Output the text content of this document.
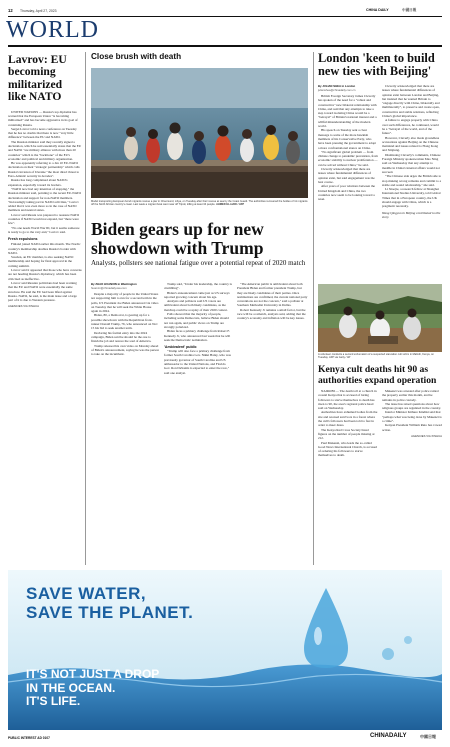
12 Thursday, April 27, 2023	CHINA DAILY	中國日報
WORLD
Lavrov: EU becoming militarized like NATO

UNITED NATIONS — Russia's top diplomat has warned that the European Union "is becoming militarized" and has become aggressive in its goal of containing Russia.

Sergei Lavrov told a news conference on Tuesday that he has no doubts that there is now "very little difference" between the EU and NATO.

The Russian minister said they recently signed a declaration, which he said essentially states that the EU and NATO "are military alliance with more than 20 countries" which is the "backbone" of the EU's economic and political and military organization.

He was apparently referring to a Jan 10 EU-NATO declaration on their "strategic partnership" which calls Russia's invasion of Ukraine "the most direct threat to Euro-Atlantic security in decades".

Russia has long complained about NATO's expansion, especially toward its borders.

"NATO now had any intention of stopping," the Russian minister said, pointing to the recent EU-NATO declaration and support for non-NATO members. "Increasingly taking part in NATO activities," Lavrov added that it was even more so in the case of NATO members and neutral states.

Lavrov said Russia was prepared to reassure NATO countries if NATO would not expand, but "there were few".

"No one needs World War III, but it seems someone is ready to go to the very end," Lavrov said.

Fresh expulsions

Finland joined NATO earlier this month. The Nordic country's membership doubles Russia's border with NATO.

Sweden, an EU member, is also seeking NATO membership and hoping for final approval in the coming summit.

Lavrov said it appeared that those who have concerns are not heeding Russia's diplomacy, which has been criticized as ineffective.

Lavrov said Russian politicians had been warning that the EU and NATO were essentially the same structure. He said the EU had been lifted against Russia. NATO, he said, is the main issue and a large part of it is due to Western pressure.

AGENCIES VIA XINHUA
Close brush with death
Model transporting European bond migrants rescue a pier in Cheorsund, Libya, on Tuesday after their rescue at sea by the Coast Guard. The authorities recovered the bodies of 11 migrants off the North African country's coast. Last week a migrant boat went near off Tripoli, killing at least 34 people. AHMED EL-HADI / AFP
Biden gears up for new showdown with Trump
Analysts, pollsters see national fatigue over a potential repeat of 2020 match
By ZHAO HUANXIN in Washington
huanxin@chinadailyusa.com

Despite a majority of people in the United States not supporting him to run for a second term in the polls, US President Joe Biden announced via video on Tuesday that he will seek the White House again in 2024.

Biden, 80, a Democrat, is gearing up for a possible showdown with the Republican front-runner Donald Trump, 76, who announced on Nov 15 his bid to seek another term.

Declaring his formal entry into the 2024 campaign, Biden said he should be the one to finish the job and restore the soul of America.

Trump released his own video on Monday ahead of Biden's announcement, saying he was the person to take on the incumbent.

Trump said, "Under his leadership, the country is crumbling".

Biden's announcement came just as US surveys reported growing concern about his age.

Analysts and pollsters said US voters are ambivalent about both likely candidates, as the matchup could be a replay of their 2020 contest.

Polls showed that the majority of people, including some Democrats, believe Biden should not run again, and public views on Trump are strongly polarized.

Biden faces a primary challenge from Robert F. Kennedy Jr, who announced last week that he will seek the Democratic nomination.

'Ambivalent' public

"Trump will also face a primary challenge from former South Carolina Gov. Nikki Haley, who was previously governor of South Carolina and US ambassador to the United Nations, and Florida Gov. Ron DeSantis is expected to enter the race," said one analyst.

"The American public is ambivalent about both President Biden and former president Trump, but they are likely candidates of their parties. Once nominations are confirmed, the current national party conventions are not the concern," said a pollster at Southern Methodist University in Dallas.

Robert Kennedy Jr remains a small factor, but the race will be a rematch, analysts said, adding that the country's economy and inflation will be key issues.

London 'keen to build new ties with Beijing'
By JULIAN SHEA in London
julianshea@chinadaily.com.cn

British Foreign Secretary James Cleverly has spoken of the need for a "robust and constructive" new bilateral relationship with China, and said that any attempts to take a step toward isolating China would be a "betrayal" of Britain's national interest and a willful misunderstanding of the modern world.

His speech on Tuesday sent a clear message to some of the more hawkish members of his Conservative Party, who have been pressing the government to adopt a more confrontational stance on China.

"No significant global problem — from climate change to pandemic prevention, from economic stability to nuclear proliferation — can be solved without China," he said.

Cleverly acknowledged that there are issues where fundamental differences of opinion exist, but said engagement was the best course.

After years of poor relations between the United Kingdom and China, the two countries now seem to be looking toward a reset.

Cleverly acknowledged that there are issues where fundamental differences of opinion exist between London and Beijing, but insisted that he wanted Britain to "engage directly with China, bilaterally and multilaterally", to preserve and create open, constructive and stable relations, reflecting China's global importance.

A failure to engage properly with China over such differences, he continued, would be a "betrayal of the world, and of the future".

However, Cleverly also made groundless accusations against Beijing on the Chinese mainland and issues related to Hong Kong and Xinjiang.

Dismissing Cleverly's comments, Chinese Foreign Ministry spokeswoman Mao Ning said on Wednesday that any attempt to meddle in China's internal affairs would not succeed.

"The Chinese side urges the British side to stop making wrong remarks and commit to a stable and sound relationship," she said.

Li Xiaojie, a research fellow at Shanghai International Studies University, told Global Times that in a European country, the UK should engage with China, which is a pragmatic necessity.

Wang Qingyun in Beijing contributed to this story.
A volunteer conducts a second exhumation of a suspected starvation cult victim in Malindi, Kenya, on Tuesday. AFP via Getty / AP
Kenya cult deaths hit 90 as authorities expand operation

NAIROBI — The death toll at a church in coastal Kenya that is accused of luring followers to starve themselves to death has risen to 90, the area's regional police head said on Wednesday.

Authorities have exhumed bodies from the site and rescued survivors in a forest where the cult's followers had been told to fast in order to meet Jesus.

The Kenya Red Cross Society listed figures on the number of people missing at 212.

Paul Makenzi, who leads the so-called Good News International Church, is accused of ordering his followers to starve themselves to death.

Makenzi was arrested after police raided the property earlier this month, and he remains in police custody.

The issue has raised questions about how religious groups are regulated in the country.

Interior Minister Kithure Kindiki said that "perhaps what was being done by Makenzi is a crime".

Kenyan President William Ruto has vowed action.

AGENCIES VIA XINHUA
SAVE WATER,
SAVE THE PLANET.
IT'S NOT JUST A DROP
IN THE OCEAN.
IT'S LIFE.
PUBLIC INTEREST AD 0107	CHINADAILY	中國日報
